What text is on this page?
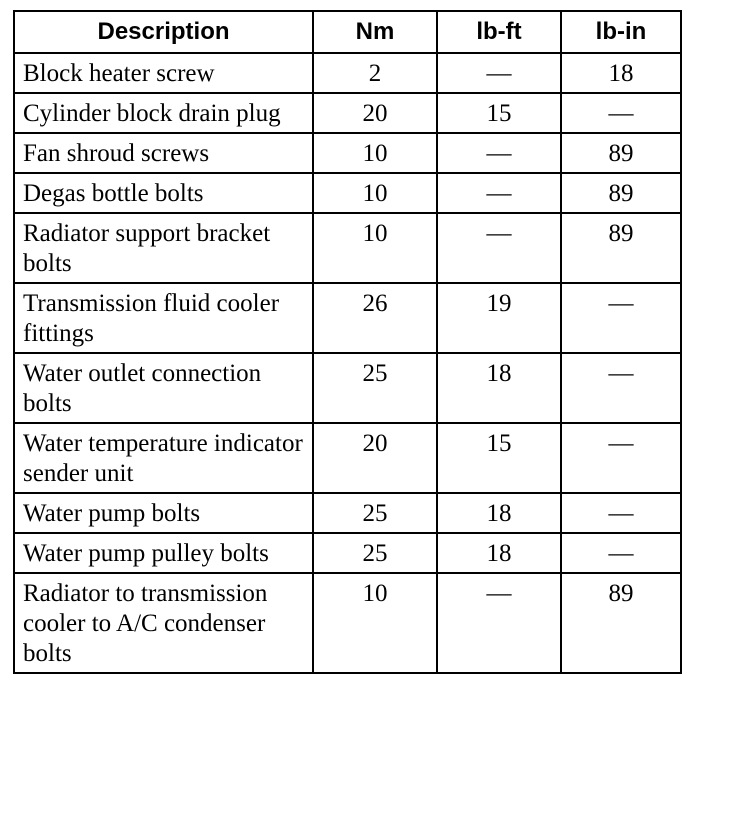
Description	Nm	lb-ft	lb-in
Block heater screw	2	—	18
Cylinder block drain plug	20	15	—
Fan shroud screws	10	—	89
Degas bottle bolts	10	—	89
Radiator support bracket bolts	10	—	89
Transmission fluid cooler fittings	26	19	—
Water outlet connection bolts	25	18	—
Water temperature indicator sender unit	20	15	—
Water pump bolts	25	18	—
Water pump pulley bolts	25	18	—
Radiator to transmission cooler to A/C condenser bolts	10	—	89
